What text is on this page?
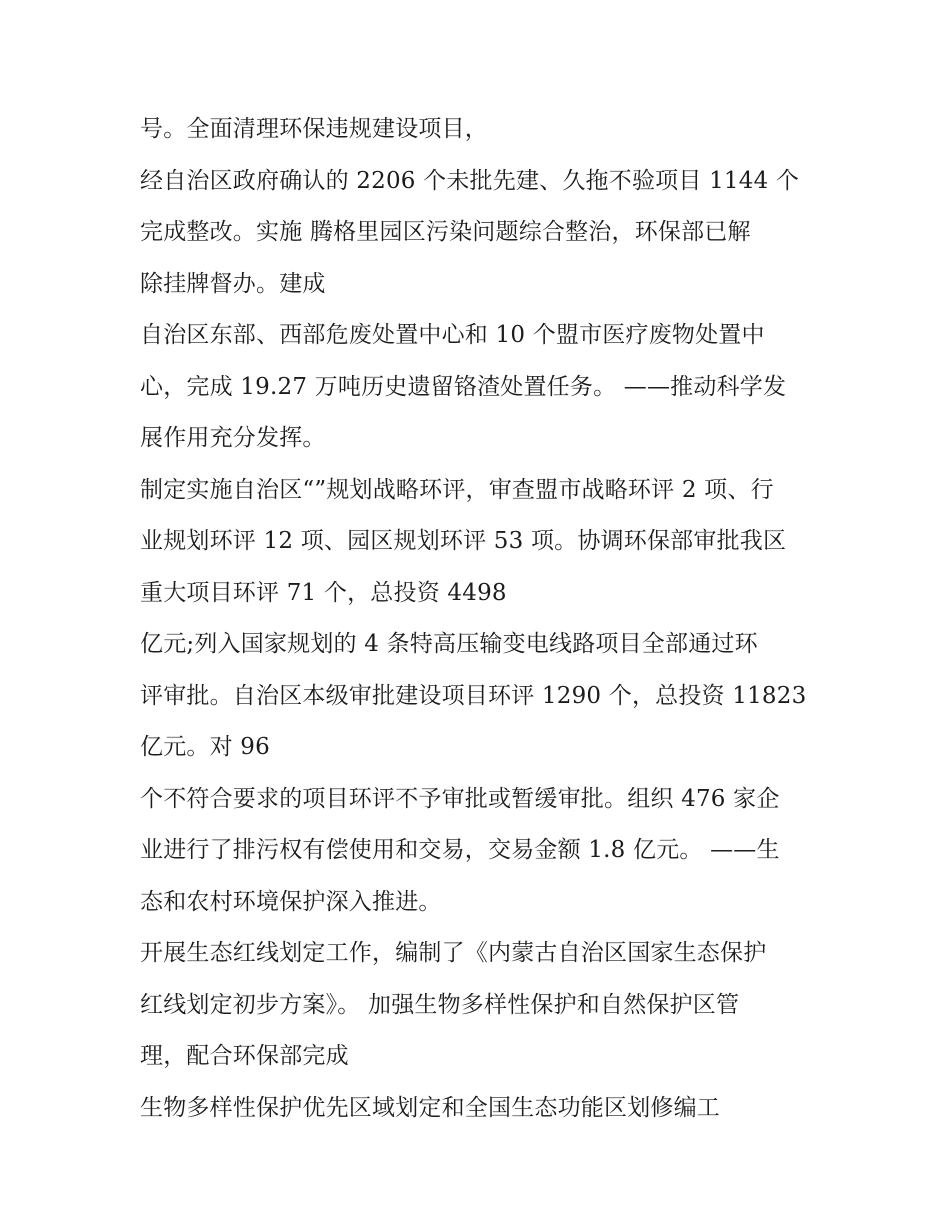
号。全面清理环保违规建设项目，
经自治区政府确认的 2206 个未批先建、久拖不验项目 1144 个
完成整改。实施 腾格里园区污染问题综合整治，环保部已解
除挂牌督办。建成
自治区东部、西部危废处置中心和 10 个盟市医疗废物处置中
心，完成 19.27 万吨历史遗留铬渣处置任务。 ——推动科学发
展作用充分发挥。
制定实施自治区“”规划战略环评，审查盟市战略环评 2 项、行
业规划环评 12 项、园区规划环评 53 项。协调环保部审批我区
重大项目环评 71 个，总投资 4498
亿元;列入国家规划的 4 条特高压输变电线路项目全部通过环
评审批。自治区本级审批建设项目环评 1290 个，总投资 11823
亿元。对 96
个不符合要求的项目环评不予审批或暂缓审批。组织 476 家企
业进行了排污权有偿使用和交易，交易金额 1.8 亿元。 ——生
态和农村环境保护深入推进。
开展生态红线划定工作，编制了《内蒙古自治区国家生态保护
红线划定初步方案》。 加强生物多样性保护和自然保护区管
理，配合环保部完成
生物多样性保护优先区域划定和全国生态功能区划修编工
